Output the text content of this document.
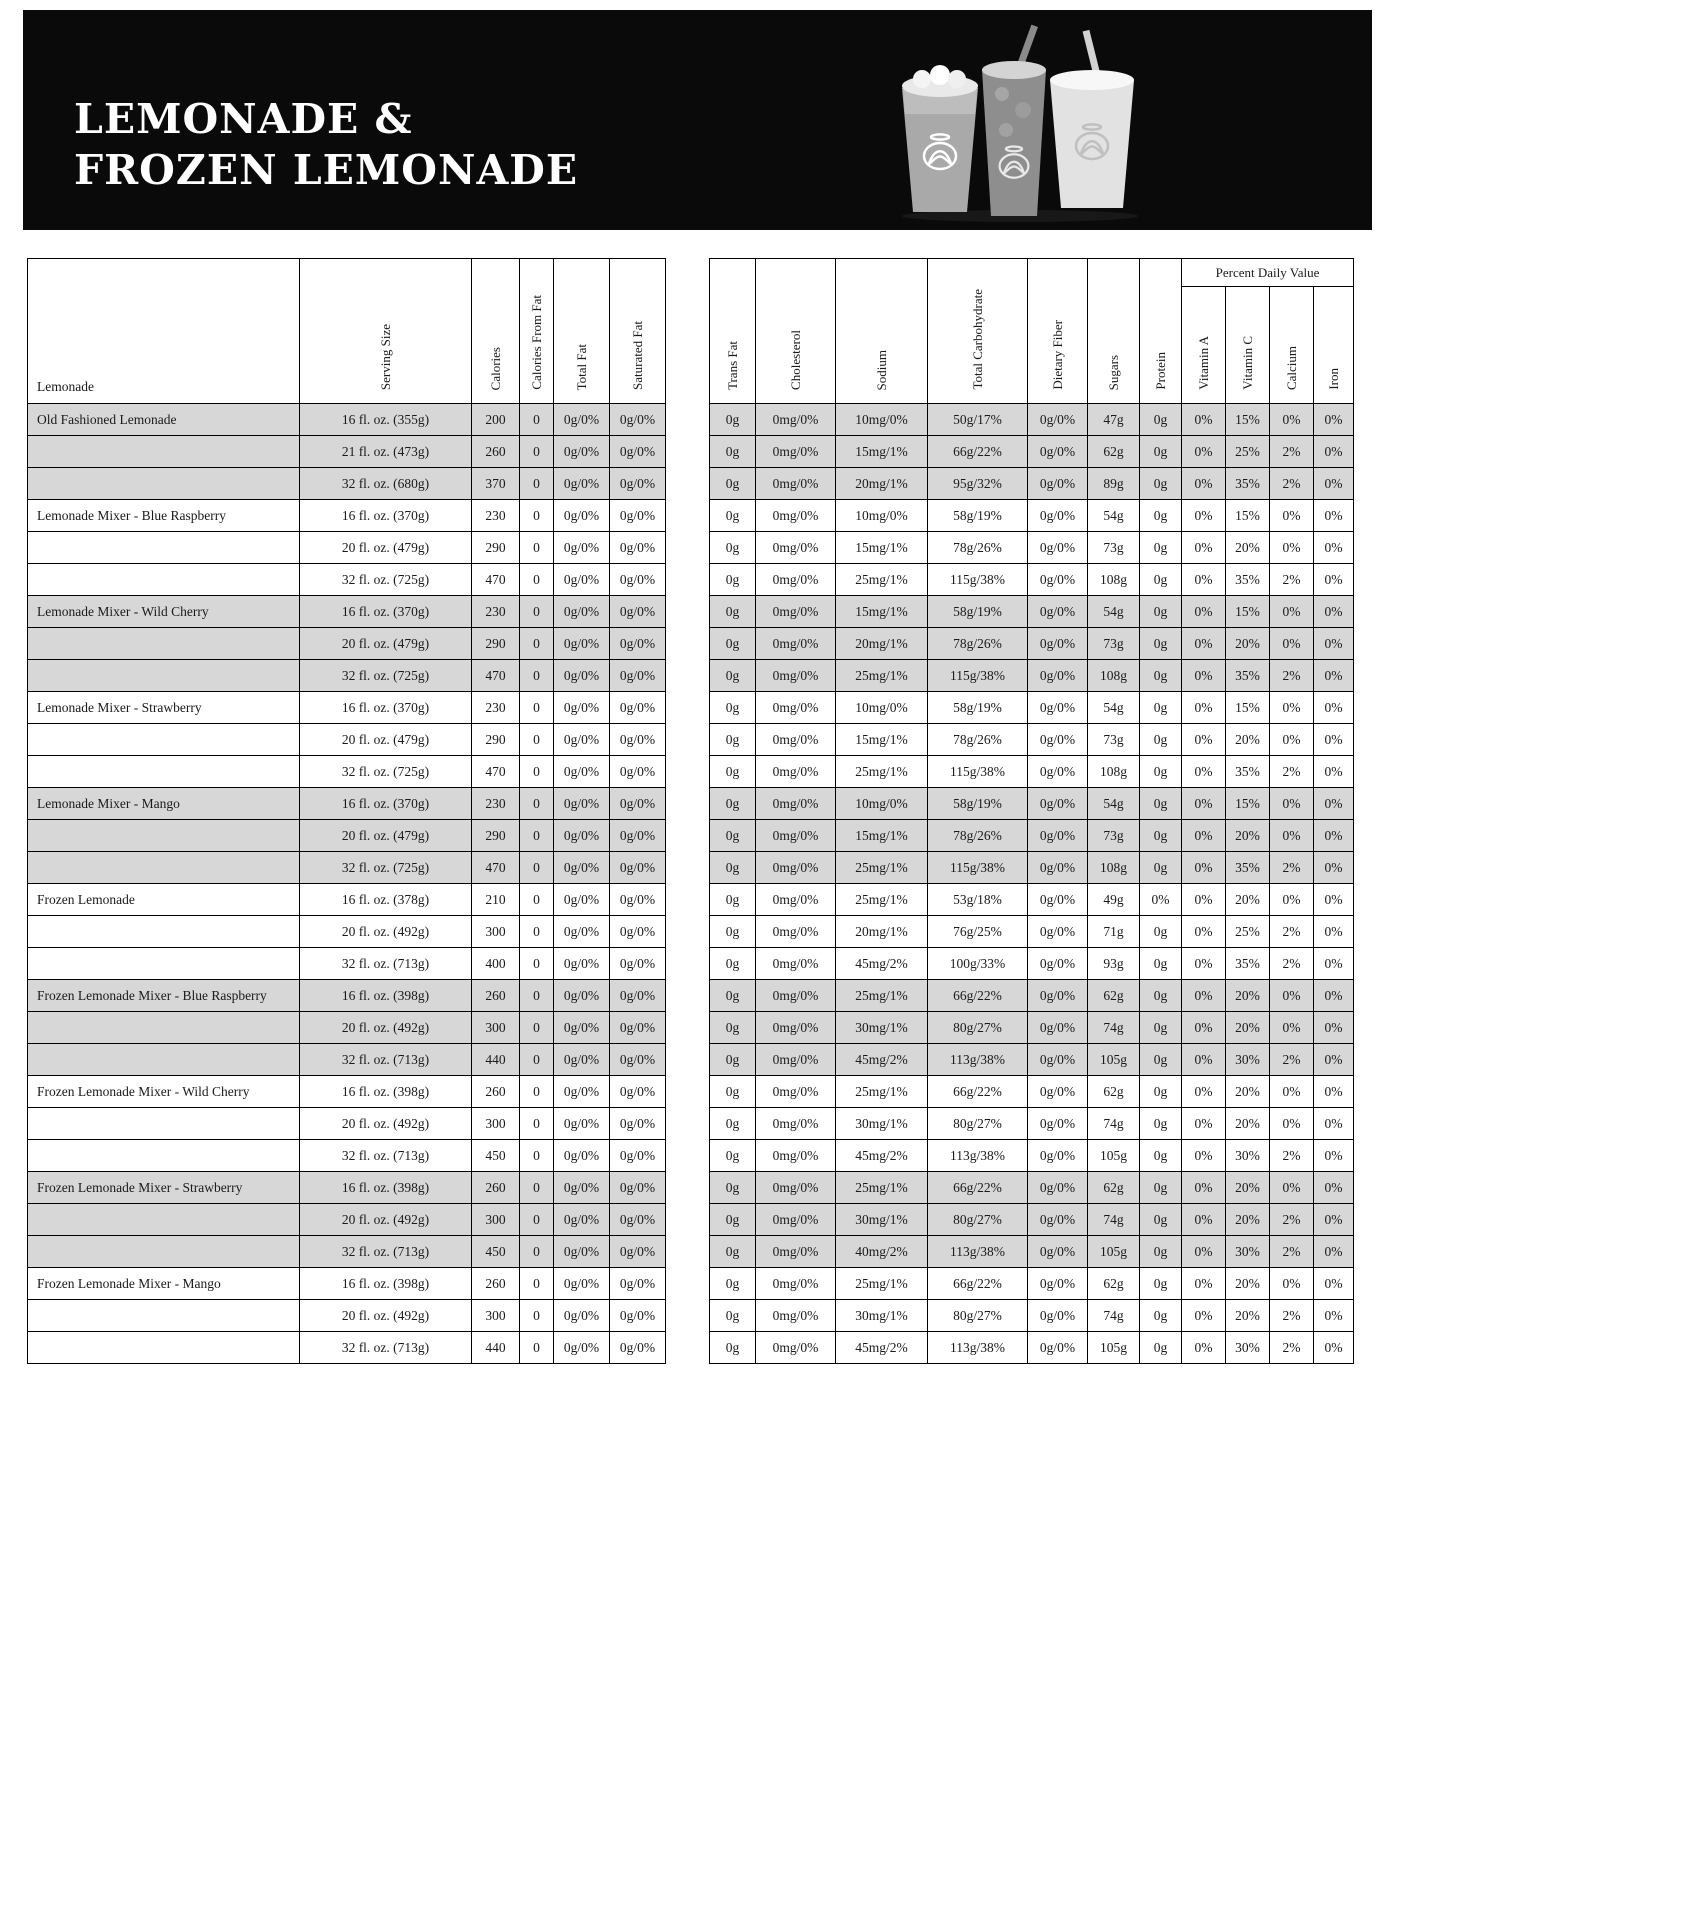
LEMONADE &
FROZEN LEMONADE
Lemonade	Serving Size	Calories	Calories From Fat	Total Fat	Saturated Fat
Old Fashioned Lemonade	16 fl. oz. (355g)	200	0	0g/0%	0g/0%
	21 fl. oz. (473g)	260	0	0g/0%	0g/0%
	32 fl. oz. (680g)	370	0	0g/0%	0g/0%
Lemonade Mixer - Blue Raspberry	16 fl. oz. (370g)	230	0	0g/0%	0g/0%
	20 fl. oz. (479g)	290	0	0g/0%	0g/0%
	32 fl. oz. (725g)	470	0	0g/0%	0g/0%
Lemonade Mixer - Wild Cherry	16 fl. oz. (370g)	230	0	0g/0%	0g/0%
	20 fl. oz. (479g)	290	0	0g/0%	0g/0%
	32 fl. oz. (725g)	470	0	0g/0%	0g/0%
Lemonade Mixer - Strawberry	16 fl. oz. (370g)	230	0	0g/0%	0g/0%
	20 fl. oz. (479g)	290	0	0g/0%	0g/0%
	32 fl. oz. (725g)	470	0	0g/0%	0g/0%
Lemonade Mixer - Mango	16 fl. oz. (370g)	230	0	0g/0%	0g/0%
	20 fl. oz. (479g)	290	0	0g/0%	0g/0%
	32 fl. oz. (725g)	470	0	0g/0%	0g/0%
Frozen Lemonade	16 fl. oz. (378g)	210	0	0g/0%	0g/0%
	20 fl. oz. (492g)	300	0	0g/0%	0g/0%
	32 fl. oz. (713g)	400	0	0g/0%	0g/0%
Frozen Lemonade Mixer - Blue Raspberry	16 fl. oz. (398g)	260	0	0g/0%	0g/0%
	20 fl. oz. (492g)	300	0	0g/0%	0g/0%
	32 fl. oz. (713g)	440	0	0g/0%	0g/0%
Frozen Lemonade Mixer - Wild Cherry	16 fl. oz. (398g)	260	0	0g/0%	0g/0%
	20 fl. oz. (492g)	300	0	0g/0%	0g/0%
	32 fl. oz. (713g)	450	0	0g/0%	0g/0%
Frozen Lemonade Mixer - Strawberry	16 fl. oz. (398g)	260	0	0g/0%	0g/0%
	20 fl. oz. (492g)	300	0	0g/0%	0g/0%
	32 fl. oz. (713g)	450	0	0g/0%	0g/0%
Frozen Lemonade Mixer - Mango	16 fl. oz. (398g)	260	0	0g/0%	0g/0%
	20 fl. oz. (492g)	300	0	0g/0%	0g/0%
	32 fl. oz. (713g)	440	0	0g/0%	0g/0%
Trans Fat	Cholesterol	Sodium	Total Carbohydrate	Dietary Fiber	Sugars	Protein	Percent Daily Value			
							Vitamin A	Vitamin C	Calcium	Iron
0g	0mg/0%	10mg/0%	50g/17%	0g/0%	47g	0g	0%	15%	0%	0%
0g	0mg/0%	15mg/1%	66g/22%	0g/0%	62g	0g	0%	25%	2%	0%
0g	0mg/0%	20mg/1%	95g/32%	0g/0%	89g	0g	0%	35%	2%	0%
0g	0mg/0%	10mg/0%	58g/19%	0g/0%	54g	0g	0%	15%	0%	0%
0g	0mg/0%	15mg/1%	78g/26%	0g/0%	73g	0g	0%	20%	0%	0%
0g	0mg/0%	25mg/1%	115g/38%	0g/0%	108g	0g	0%	35%	2%	0%
0g	0mg/0%	15mg/1%	58g/19%	0g/0%	54g	0g	0%	15%	0%	0%
0g	0mg/0%	20mg/1%	78g/26%	0g/0%	73g	0g	0%	20%	0%	0%
0g	0mg/0%	25mg/1%	115g/38%	0g/0%	108g	0g	0%	35%	2%	0%
0g	0mg/0%	10mg/0%	58g/19%	0g/0%	54g	0g	0%	15%	0%	0%
0g	0mg/0%	15mg/1%	78g/26%	0g/0%	73g	0g	0%	20%	0%	0%
0g	0mg/0%	25mg/1%	115g/38%	0g/0%	108g	0g	0%	35%	2%	0%
0g	0mg/0%	10mg/0%	58g/19%	0g/0%	54g	0g	0%	15%	0%	0%
0g	0mg/0%	15mg/1%	78g/26%	0g/0%	73g	0g	0%	20%	0%	0%
0g	0mg/0%	25mg/1%	115g/38%	0g/0%	108g	0g	0%	35%	2%	0%
0g	0mg/0%	25mg/1%	53g/18%	0g/0%	49g	0%	0%	20%	0%	0%
0g	0mg/0%	20mg/1%	76g/25%	0g/0%	71g	0g	0%	25%	2%	0%
0g	0mg/0%	45mg/2%	100g/33%	0g/0%	93g	0g	0%	35%	2%	0%
0g	0mg/0%	25mg/1%	66g/22%	0g/0%	62g	0g	0%	20%	0%	0%
0g	0mg/0%	30mg/1%	80g/27%	0g/0%	74g	0g	0%	20%	0%	0%
0g	0mg/0%	45mg/2%	113g/38%	0g/0%	105g	0g	0%	30%	2%	0%
0g	0mg/0%	25mg/1%	66g/22%	0g/0%	62g	0g	0%	20%	0%	0%
0g	0mg/0%	30mg/1%	80g/27%	0g/0%	74g	0g	0%	20%	0%	0%
0g	0mg/0%	45mg/2%	113g/38%	0g/0%	105g	0g	0%	30%	2%	0%
0g	0mg/0%	25mg/1%	66g/22%	0g/0%	62g	0g	0%	20%	0%	0%
0g	0mg/0%	30mg/1%	80g/27%	0g/0%	74g	0g	0%	20%	2%	0%
0g	0mg/0%	40mg/2%	113g/38%	0g/0%	105g	0g	0%	30%	2%	0%
0g	0mg/0%	25mg/1%	66g/22%	0g/0%	62g	0g	0%	20%	0%	0%
0g	0mg/0%	30mg/1%	80g/27%	0g/0%	74g	0g	0%	20%	2%	0%
0g	0mg/0%	45mg/2%	113g/38%	0g/0%	105g	0g	0%	30%	2%	0%
